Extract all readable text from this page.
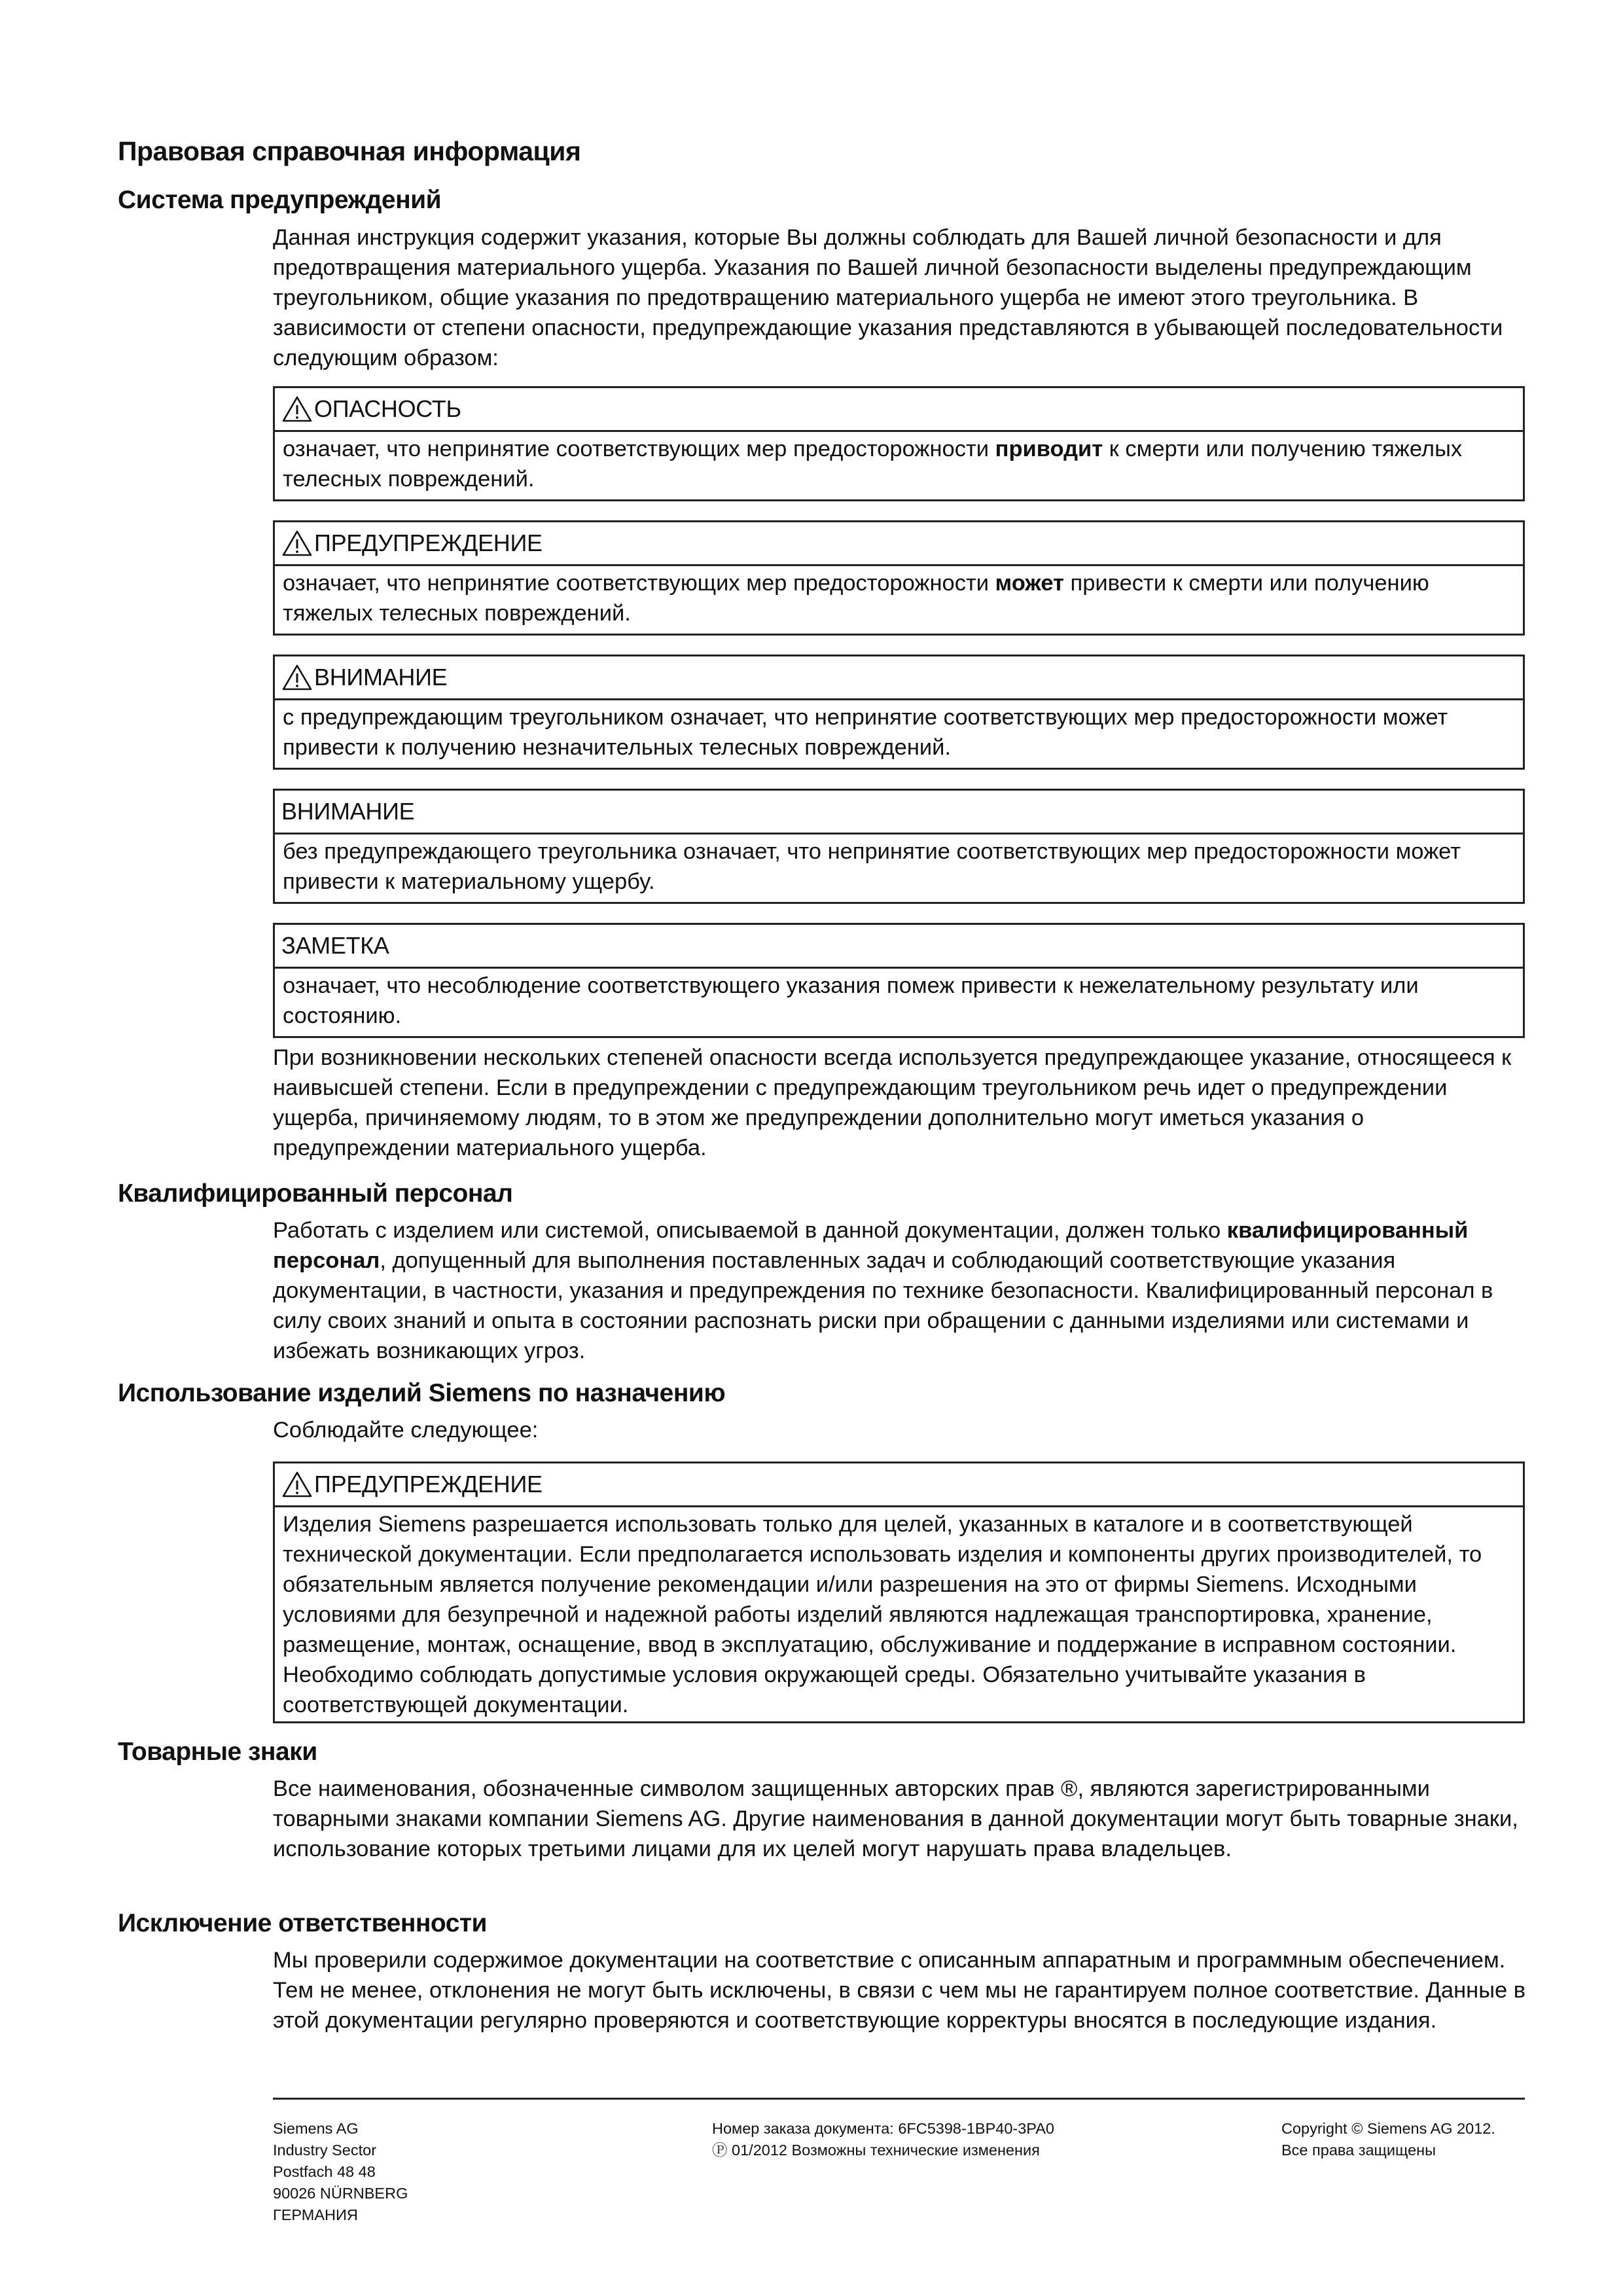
Правовая справочная информация
Система предупреждений

Данная инструкция содержит указания, которые Вы должны соблюдать для Вашей личной безопасности и для предотвращения материального ущерба. Указания по Вашей личной безопасности выделены предупреждающим треугольником, общие указания по предотвращению материального ущерба не имеют этого треугольника. В зависимости от степени опасности, предупреждающие указания представляются в убывающей последовательности следующим образом:

ОПАСНОСТЬ
означает, что непринятие соответствующих мер предосторожности приводит к смерти или получению тяжелых телесных повреждений.
ПРЕДУПРЕЖДЕНИЕ
означает, что непринятие соответствующих мер предосторожности может привести к смерти или получению тяжелых телесных повреждений.
ВНИМАНИЕ
с предупреждающим треугольником означает, что непринятие соответствующих мер предосторожности может привести к получению незначительных телесных повреждений.
ВНИМАНИЕ
без предупреждающего треугольника означает, что непринятие соответствующих мер предосторожности может привести к материальному ущербу.
ЗАМЕТКА
означает, что несоблюдение соответствующего указания помеж привести к нежелательному результату или состоянию.

При возникновении нескольких степеней опасности всегда используется предупреждающее указание, относящееся к наивысшей степени. Если в предупреждении с предупреждающим треугольником речь идет о предупреждении ущерба, причиняемому людям, то в этом же предупреждении дополнительно могут иметься указания о предупреждении материального ущерба.

Квалифицированный персонал

Работать с изделием или системой, описываемой в данной документации, должен только квалифицированный персонал, допущенный для выполнения поставленных задач и соблюдающий соответствующие указания документации, в частности, указания и предупреждения по технике безопасности. Квалифицированный персонал в силу своих знаний и опыта в состоянии распознать риски при обращении с данными изделиями или системами и избежать возникающих угроз.

Использование изделий Siemens по назначению

Соблюдайте следующее:

ПРЕДУПРЕЖДЕНИЕ
Изделия Siemens разрешается использовать только для целей, указанных в каталоге и в соответствующей технической документации. Если предполагается использовать изделия и компоненты других производителей, то обязательным является получение рекомендации и/или разрешения на это от фирмы Siemens. Исходными условиями для безупречной и надежной работы изделий являются надлежащая транспортировка, хранение, размещение, монтаж, оснащение, ввод в эксплуатацию, обслуживание и поддержание в исправном состоянии. Необходимо соблюдать допустимые условия окружающей среды. Обязательно учитывайте указания в соответствующей документации.
Товарные знаки

Все наименования, обозначенные символом защищенных авторских прав ®, являются зарегистрированными товарными знаками компании Siemens AG. Другие наименования в данной документации могут быть товарные знаки, использование которых третьими лицами для их целей могут нарушать права владельцев.

Исключение ответственности

Мы проверили содержимое документации на соответствие с описанным аппаратным и программным обеспечением. Тем не менее, отклонения не могут быть исключены, в связи с чем мы не гарантируем полное соответствие. Данные в этой документации регулярно проверяются и соответствующие корректуры вносятся в последующие издания.

Siemens AG
Industry Sector
Postfach 48 48
90026 NÜRNBERG
ГЕРМАНИЯ
Номер заказа документа: 6FC5398-1BP40-3PA0
Ⓟ 01/2012 Возможны технические изменения
Copyright © Siemens AG 2012.
Все права защищены
